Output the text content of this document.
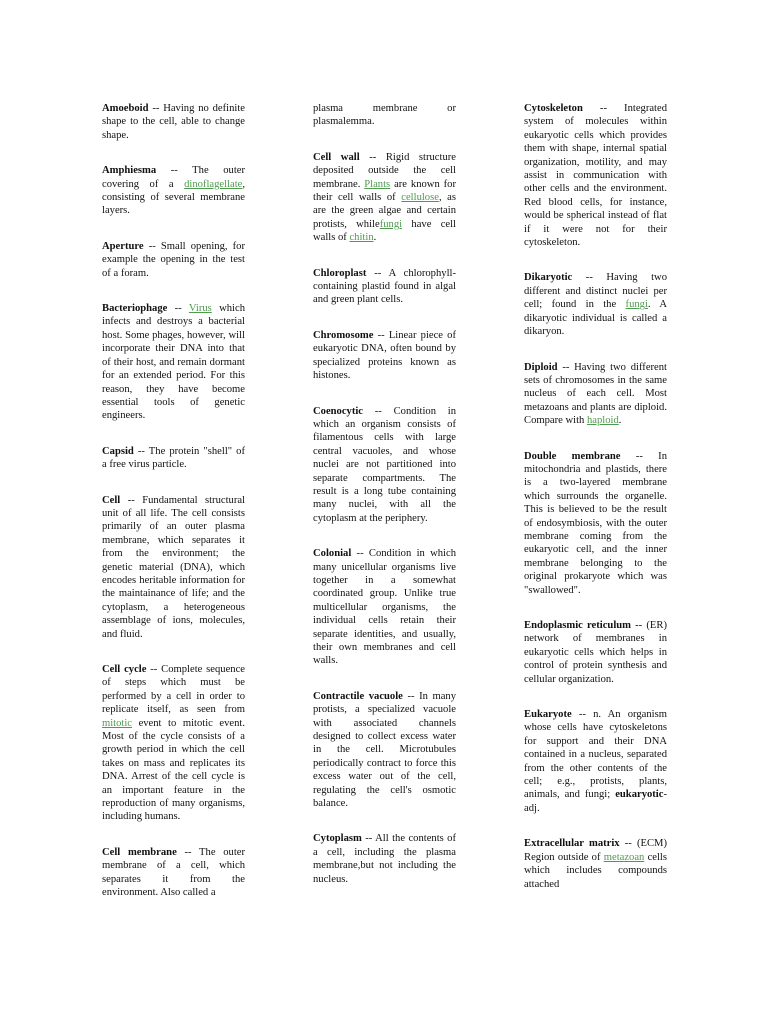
Amoeboid -- Having no definite shape to the cell, able to change shape.

Amphiesma -- The outer covering of a dinoflagellate, consisting of several membrane layers.

Aperture -- Small opening, for example the opening in the test of a foram.

Bacteriophage -- Virus which infects and destroys a bacterial host. Some phages, however, will incorporate their DNA into that of their host, and remain dormant for an extended period. For this reason, they have become essential tools of genetic engineers.

Capsid -- The protein "shell" of a free virus particle.

Cell -- Fundamental structural unit of all life. The cell consists primarily of an outer plasma membrane, which separates it from the environment; the genetic material (DNA), which encodes heritable information for the maintainance of life; and the cytoplasm, a heterogeneous assemblage of ions, molecules, and fluid.

Cell cycle -- Complete sequence of steps which must be performed by a cell in order to replicate itself, as seen from mitotic event to mitotic event. Most of the cycle consists of a growth period in which the cell takes on mass and replicates its DNA. Arrest of the cell cycle is an important feature in the reproduction of many organisms, including humans.

Cell membrane -- The outer membrane of a cell, which separates it from the environment. Also called a

plasma membrane or plasmalemma.

Cell wall -- Rigid structure deposited outside the cell membrane. Plants are known for their cell walls of cellulose, as are the green algae and certain protists, whilefungi have cell walls of chitin.

Chloroplast -- A chlorophyll-containing plastid found in algal and green plant cells.

Chromosome -- Linear piece of eukaryotic DNA, often bound by specialized proteins known as histones.

Coenocytic -- Condition in which an organism consists of filamentous cells with large central vacuoles, and whose nuclei are not partitioned into separate compartments. The result is a long tube containing many nuclei, with all the cytoplasm at the periphery.

Colonial -- Condition in which many unicellular organisms live together in a somewhat coordinated group. Unlike true multicellular organisms, the individual cells retain their separate identities, and usually, their own membranes and cell walls.

Contractile vacuole -- In many protists, a specialized vacuole with associated channels designed to collect excess water in the cell. Microtubules periodically contract to force this excess water out of the cell, regulating the cell's osmotic balance.

Cytoplasm -- All the contents of a cell, including the plasma membrane,but not including the nucleus.

Cytoskeleton -- Integrated system of molecules within eukaryotic cells which provides them with shape, internal spatial organization, motility, and may assist in communication with other cells and the environment. Red blood cells, for instance, would be spherical instead of flat if it were not for their cytoskeleton.

Dikaryotic -- Having two different and distinct nuclei per cell; found in the fungi. A dikaryotic individual is called a dikaryon.

Diploid -- Having two different sets of chromosomes in the same nucleus of each cell. Most metazoans and plants are diploid. Compare with haploid.

Double membrane -- In mitochondria and plastids, there is a two-layered membrane which surrounds the organelle. This is believed to be the result of endosymbiosis, with the outer membrane coming from the eukaryotic cell, and the inner membrane belonging to the original prokaryote which was "swallowed".

Endoplasmic reticulum -- (ER) network of membranes in eukaryotic cells which helps in control of protein synthesis and cellular organization.

Eukaryote -- n. An organism whose cells have cytoskeletons for support and their DNA contained in a nucleus, separated from the other contents of the cell; e.g., protists, plants, animals, and fungi; eukaryotic- adj.

Extracellular matrix -- (ECM) Region outside of metazoan cells which includes compounds attached
